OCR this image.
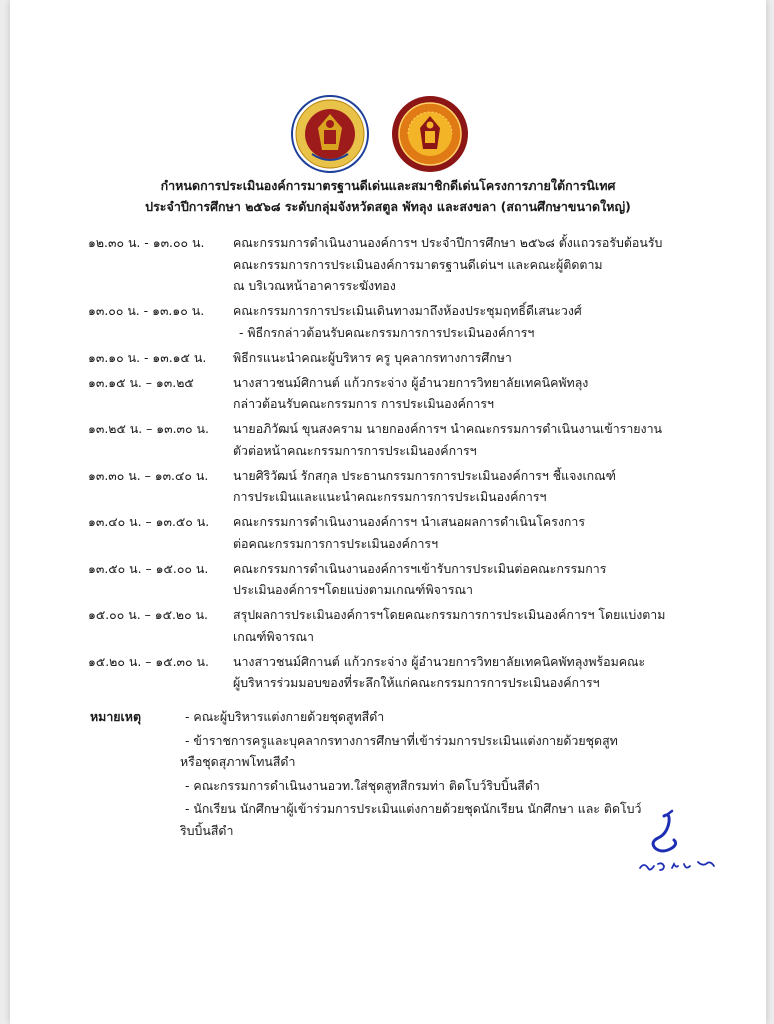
กำหนดการประเมินองค์การมาตรฐานดีเด่นและสมาชิกดีเด่นโครงการภายใต้การนิเทศ
ประจำปีการศึกษา ๒๕๖๘ ระดับกลุ่มจังหวัดสตูล พัทลุง และสงขลา (สถานศึกษาขนาดใหญ่)
๑๒.๓๐ น. - ๑๓.๐๐ น. คณะกรรมการดำเนินงานองค์การฯ ประจำปีการศึกษา ๒๕๖๘ ตั้งแถวรอรับต้อนรับ
คณะกรรมการการประเมินองค์การมาตรฐานดีเด่นฯ และคณะผู้ติดตาม
ณ บริเวณหน้าอาคารระฆังทอง
๑๓.๐๐ น. - ๑๓.๑๐ น. คณะกรรมการการประเมินเดินทางมาถึงห้องประชุมฤทธิ์ดีเสนะวงศ์
- พิธีกรกล่าวต้อนรับคณะกรรมการการประเมินองค์การฯ
๑๓.๑๐ น. - ๑๓.๑๕ น. พิธีกรแนะนำคณะผู้บริหาร ครู บุคลากรทางการศึกษา
๑๓.๑๕ น. – ๑๓.๒๕	นางสาวชนม์ศิกานต์ แก้วกระจ่าง ผู้อำนวยการวิทยาลัยเทคนิคพัทลุง
กล่าวต้อนรับคณะกรรมการ การประเมินองค์การฯ
๑๓.๒๕ น. – ๑๓.๓๐ น. นายอภิวัฒน์ ขุนสงคราม นายกองค์การฯ นำคณะกรรมการดำเนินงานเข้ารายงาน
ตัวต่อหน้าคณะกรรมการการประเมินองค์การฯ
๑๓.๓๐ น. – ๑๓.๔๐ น. นายศิริวัฒน์ รักสกุล ประธานกรรมการการประเมินองค์การฯ ชี้แจงเกณฑ์
การประเมินและแนะนำคณะกรรมการการประเมินองค์การฯ
๑๓.๔๐ น. – ๑๓.๕๐ น. คณะกรรมการดำเนินงานองค์การฯ นำเสนอผลการดำเนินโครงการ
ต่อคณะกรรมการการประเมินองค์การฯ
๑๓.๕๐ น. – ๑๕.๐๐ น. คณะกรรมการดำเนินงานองค์การฯเข้ารับการประเมินต่อคณะกรรมการ
ประเมินองค์การฯโดยแบ่งตามเกณฑ์พิจารณา
๑๕.๐๐ น. – ๑๕.๒๐ น. สรุปผลการประเมินองค์การฯโดยคณะกรรมการการประเมินองค์การฯ โดยแบ่งตาม
เกณฑ์พิจารณา
๑๕.๒๐ น. – ๑๕.๓๐ น. นางสาวชนม์ศิกานต์ แก้วกระจ่าง ผู้อำนวยการวิทยาลัยเทคนิคพัทลุงพร้อมคณะ
ผู้บริหารร่วมมอบของที่ระลึกให้แก่คณะกรรมการการประเมินองค์การฯ
หมายเหตุ	- คณะผู้บริหารแต่งกายด้วยชุดสูทสีดำ
- ข้าราชการครูและบุคลากรทางการศึกษาที่เข้าร่วมการประเมินแต่งกายด้วยชุดสูท
หรือชุดสุภาพโทนสีดำ
- คณะกรรมการดำเนินงานอวท.ใส่ชุดสูทสีกรมท่า ติดโบว์ริบบิ้นสีดำ
- นักเรียน นักศึกษาผู้เข้าร่วมการประเมินแต่งกายด้วยชุดนักเรียน นักศึกษา และ ติดโบว์
ริบบิ้นสีดำ
